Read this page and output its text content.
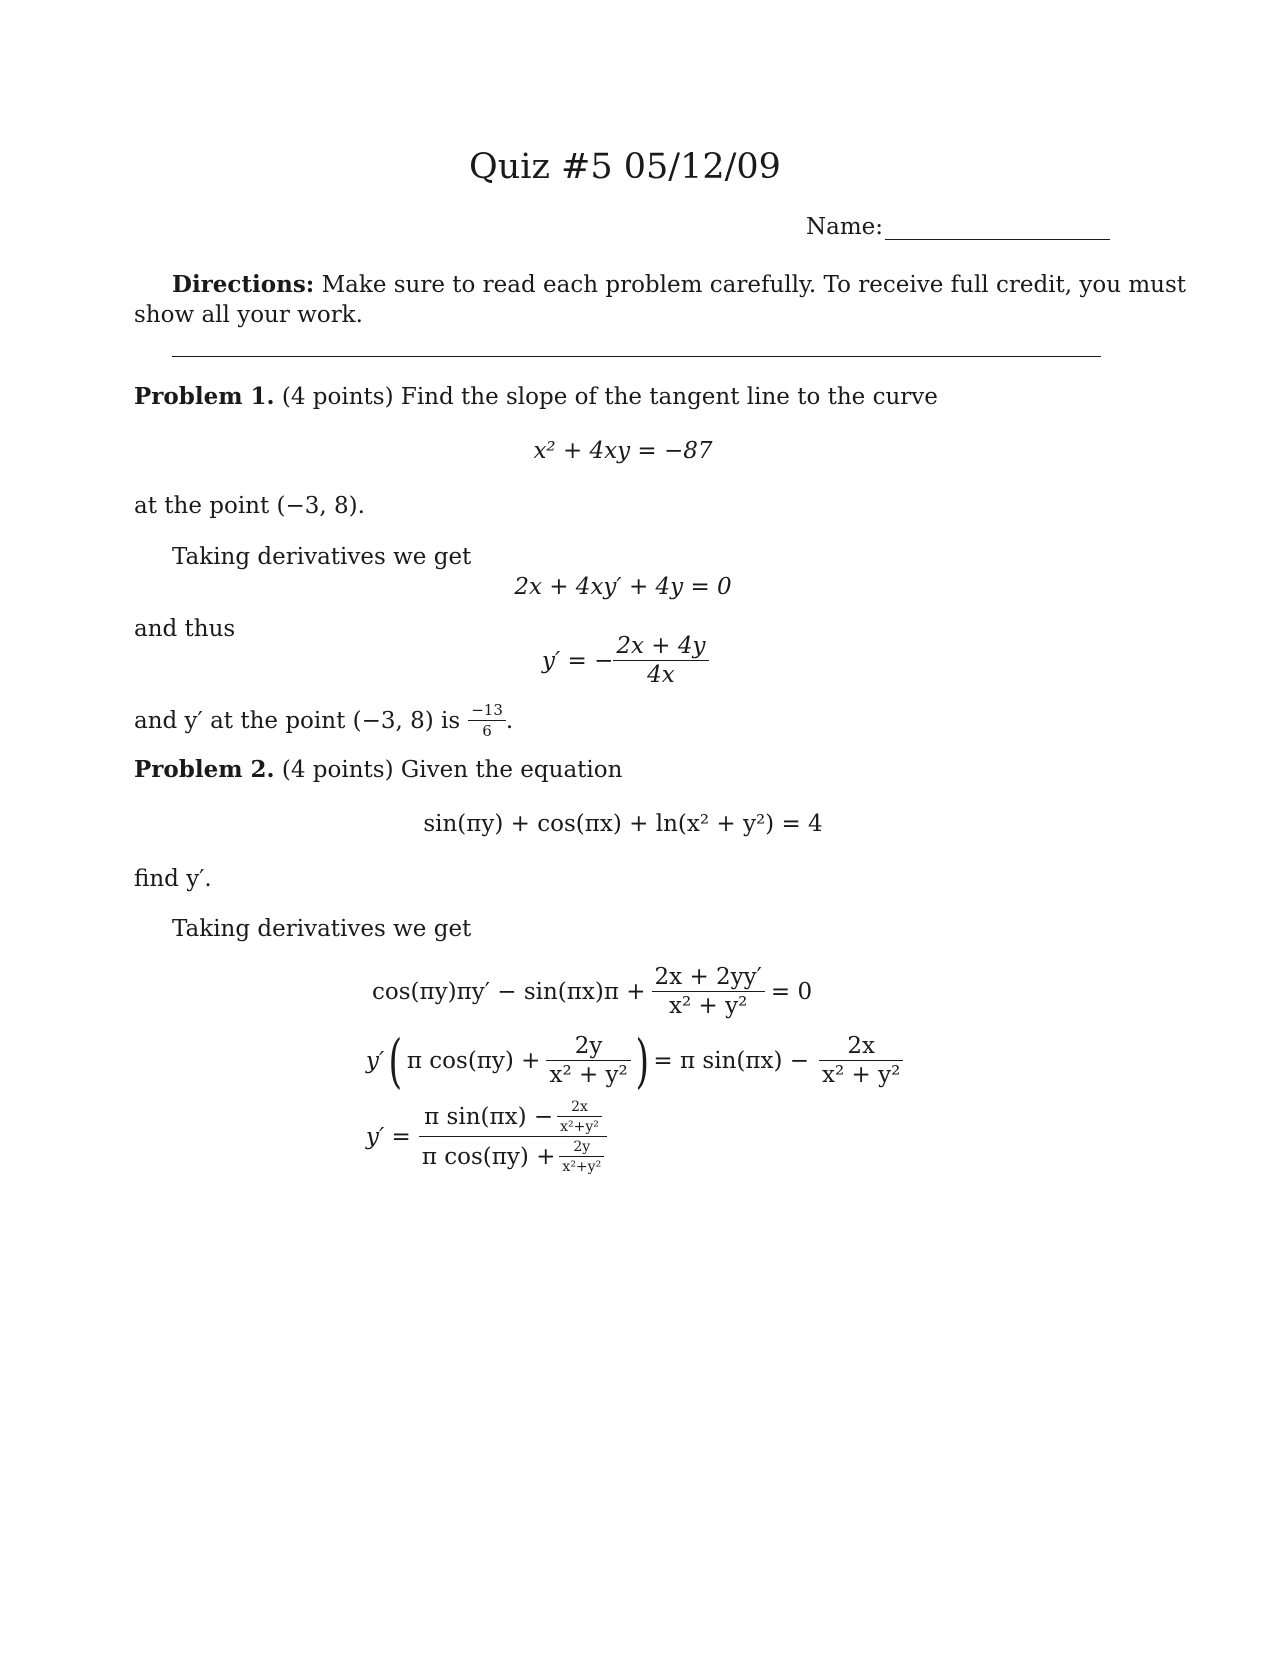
Quiz #5 05/12/09
Name:
Directions: Make sure to read each problem carefully. To receive full credit, you must
show all your work.
Problem 1. (4 points) Find the slope of the tangent line to the curve
x² + 4xy = −87
at the point (−3, 8).
Taking derivatives we get
2x + 4xy′ + 4y = 0
and thus
y′ = − $\frac{2x + 4y}{4x}$
and y′ at the point (−3, 8) is $\frac{-13}{6}$ .
Problem 2. (4 points) Given the equation
sin(πy) + cos(πx) + ln(x² + y²) = 4
find y′.
Taking derivatives we get
$\cos(\pi y)\pi y' - \sin(\pi x)\pi + \frac{2x + 2yy'}{\text{x² + y²}} = 0$
y′ ( π $\cos(\pi y) + \frac{2y}{\text{x² + y²}}$ ) = π $\sin(\pi x) - \frac{2x}{\text{x² + y²}}$
$y' = \frac{\pi \sin(\pi x) - \frac{2x}{\text{x²+y²}}}{\pi \cos(\pi y) + \frac{2y}{\text{x²+y²}}}$
